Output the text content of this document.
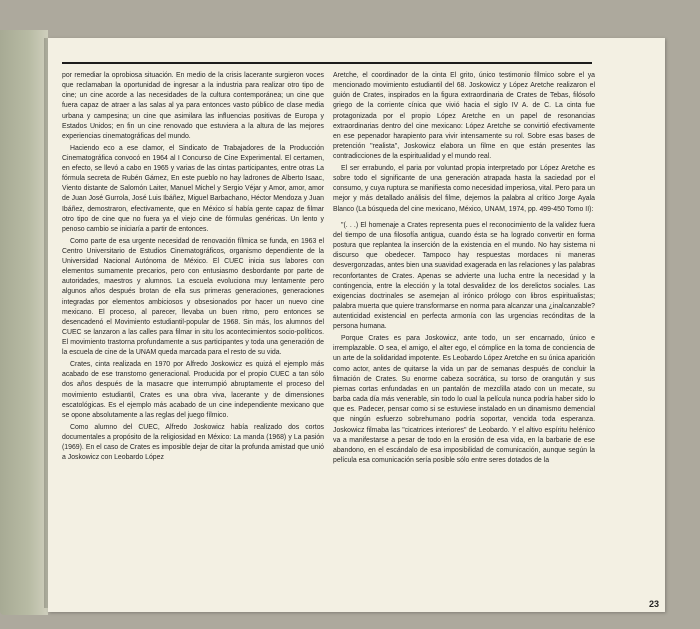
por remediar la oprobiosa situación. En medio de la crisis lacerante surgieron voces que reclamaban la oportunidad de ingresar a la industria para realizar otro tipo de cine; un cine acorde a las necesidades de la cultura contemporánea; un cine que fuera capaz de atraer a las salas al ya para entonces vasto público de clase media urbana y campesina; un cine que asimilara las influencias positivas de Europa y Estados Unidos; en fin un cine renovado que estuviera a la altura de las mejores experiencias cinematográficas del mundo.

Haciendo eco a ese clamor, el Sindicato de Trabajadores de la Producción Cinematográfica convocó en 1964 al I Concurso de Cine Experimental. El certamen, en efecto, se llevó a cabo en 1965 y varias de las cintas participantes, entre otras La fórmula secreta de Rubén Gámez, En este pueblo no hay ladrones de Alberto Isaac, Viento distante de Salomón Laiter, Manuel Michel y Sergio Véjar y Amor, amor, amor de Juan José Gurrola, José Luis Ibáñez, Miguel Barbachano, Héctor Mendoza y Juan Ibáñez, demostraron, efectivamente, que en México sí había gente capaz de filmar otro tipo de cine que no fuera ya el viejo cine de fórmulas genéricas. Un lento y penoso cambio se iniciaría a partir de entonces.

Como parte de esa urgente necesidad de renovación fílmica se funda, en 1963 el Centro Universitario de Estudios Cinematográficos, organismo dependiente de la Universidad Nacional Autónoma de México. El CUEC inicia sus labores con elementos sumamente precarios, pero con entusiasmo desbordante por parte de autoridades, maestros y alumnos. La escuela evoluciona muy lentamente pero algunos años después brotan de ella sus primeras generaciones, generaciones integradas por elementos ambiciosos y obsesionados por hacer un nuevo cine mexicano. El proceso, al parecer, llevaba un buen ritmo, pero entonces se desencadenó el Movimiento estudiantil-popular de 1968. Sin más, los alumnos del CUEC se lanzaron a las calles para filmar in situ los acontecimientos socio-políticos. El movimiento trastorna profundamente a sus participantes y toda una generación de la escuela de cine de la UNAM queda marcada para el resto de su vida.

Crates, cinta realizada en 1970 por Alfredo Joskowicz es quizá el ejemplo más acabado de ese transtorno generacional. Producida por el propio CUEC a tan sólo dos años después de la masacre que interrumpió abruptamente el proceso del movimiento estudiantil, Crates es una obra viva, lacerante y de dimensiones escatológicas. Es el ejemplo más acabado de un cine independiente mexicano que se opone absolutamente a las reglas del juego fílmico.

Como alumno del CUEC, Alfredo Joskowicz había realizado dos cortos documentales a propósito de la religiosidad en México: La manda (1968) y La pasión (1969). En el caso de Crates es imposible dejar de citar la profunda amistad que unió a Joskowicz con Leobardo López

Aretche, el coordinador de la cinta El grito, único testimonio fílmico sobre el ya mencionado movimiento estudiantil del 68. Joskowicz y López Aretche realizaron el guión de Crates, inspirados en la figura extraordinaria de Crates de Tebas, filósofo griego de la corriente cínica que vivió hacia el siglo IV A. de C. La cinta fue protagonizada por el propio López Aretche en un papel de resonancias extraordinarias dentro del cine mexicano: López Aretche se convirtió efectivamente en ese pepenador harapiento para vivir intensamente su rol. Sobre esas bases de pretención "realista", Joskowicz elabora un filme en que están presentes las contradicciones de la espiritualidad y el mundo real.

El ser errabundo, el paria por voluntad propia interpretado por López Aretche es sobre todo el significante de una generación atrapada hasta la saciedad por el consumo, y cuya ruptura se manifiesta como necesidad imperiosa, vital. Pero para un mejor y más detallado análisis del filme, dejemos la palabra al crítico Jorge Ayala Blanco (La búsqueda del cine mexicano, México, UNAM, 1974, pp. 499-450 Tomo II):

"(. . .) El homenaje a Crates representa pues el reconocimiento de la validez fuera del tiempo de una filosofía antigua, cuando ésta se ha logrado convertir en forma postura que replantea la inserción de la existencia en el mundo. No hay sistema ni discurso que obedecer. Tampoco hay respuestas mordaces ni maneras desvergonzadas, antes bien una suavidad exagerada en las relaciones y las palabras reconfortantes de Crates. Apenas se advierte una lucha entre la necesidad y la contingencia, entre la elección y la total desvalidez de los derelictos sociales. Las exigencias doctrinales se asemejan al irónico prólogo con libros espiritualistas; palabra muerta que quiere transformarse en norma para alcanzar una ¿inalcanzable? autenticidad existencial en perfecta armonía con las urgencias recónditas de la persona humana.

Porque Crates es para Joskowicz, ante todo, un ser encarnado, único e irremplazable. O sea, el amigo, el alter ego, el cómplice en la toma de conciencia de un arte de la solidaridad impotente. Es Leobardo López Aretche en su única aparición como actor, antes de quitarse la vida un par de semanas después de concluir la filmación de Crates. Su enorme cabeza socrática, su torso de orangután y sus piernas cortas enfundadas en un pantalón de mezclilla atado con un mecate, su barba cada día más venerable, sin todo lo cual la película nunca podría haber sido lo que es. Padecer, pensar como si se estuviese instalado en un dinamismo demencial que ningún esfuerzo sobrehumano podría soportar, vencida toda esperanza. Joskowicz filmaba las "cicatrices interiores" de Leobardo. Y el altivo espíritu helénico va a manifestarse a pesar de todo en la erosión de esa vida, en la barbarie de ese abandono, en el escándalo de esa imposibilidad de comunicación, aunque según la película esa comunicación sería posible sólo entre seres dotados de la

23
